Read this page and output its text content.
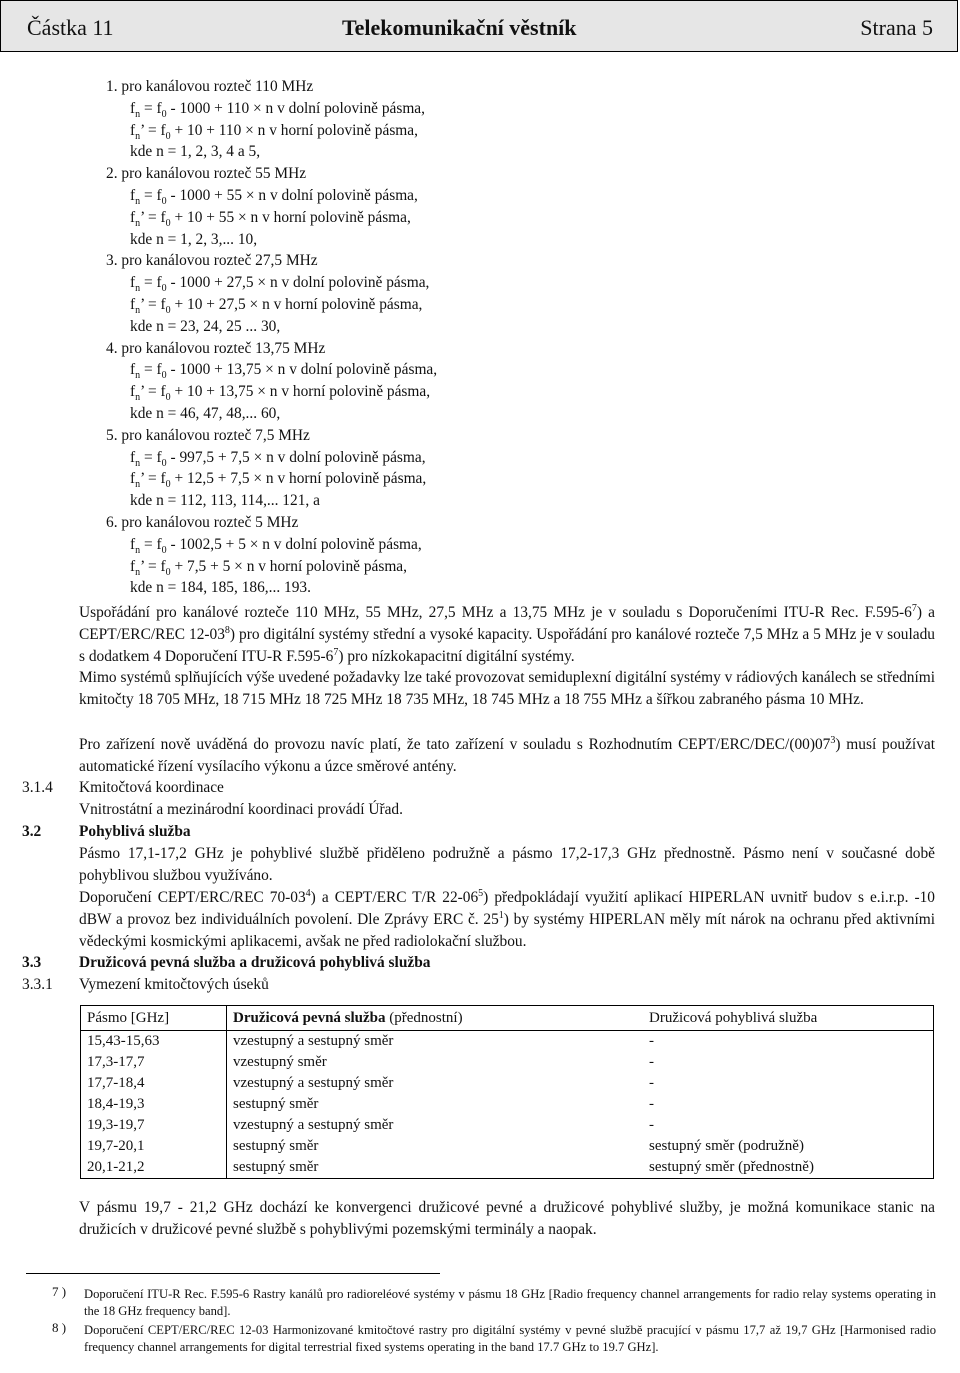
Částka 11	Telekomunikační věstník	Strana 5
1. pro kanálovou rozteč 110 MHz
$f_n = f_0 - 1000 + 110 \times n$ v dolní polovině pásma,
$f_n$’ = $f_0 + 10 + 110 \times n$ v horní polovině pásma,
kde n = 1, 2, 3, 4 a 5,
2. pro kanálovou rozteč 55 MHz
$f_n = f_0 - 1000 + 55 \times n$ v dolní polovině pásma,
$f_n$’ = $f_0 + 10 + 55 \times n$ v horní polovině pásma,
kde n = 1, 2, 3,... 10,
3. pro kanálovou rozteč 27,5 MHz
$f_n = f_0 - 1000 + 27,5 \times n$ v dolní polovině pásma,
$f_n$’ = $f_0 + 10 + 27,5 \times n$ v horní polovině pásma,
kde n = 23, 24, 25 ... 30,
4. pro kanálovou rozteč 13,75 MHz
$f_n = f_0 - 1000 + 13,75 \times n$ v dolní polovině pásma,
$f_n$’ = $f_0 + 10 + 13,75 \times n$ v horní polovině pásma,
kde n = 46, 47, 48,... 60,
5. pro kanálovou rozteč 7,5 MHz
$f_n = f_0 - 997,5 + 7,5 \times n$ v dolní polovině pásma,
$f_n$’ = $f_0 + 12,5 + 7,5 \times n$ v horní polovině pásma,
kde n = 112, 113, 114,... 121, a
6. pro kanálovou rozteč 5 MHz
$f_n = f_0 - 1002,5 + 5 \times n$ v dolní polovině pásma,
$f_n$’ = $f_0 + 7,5 + 5 \times n$ v horní polovině pásma,
kde n = 184, 185, 186,... 193.
Uspořádání pro kanálové rozteče 110 MHz, 55 MHz, 27,5 MHz a 13,75 MHz je v souladu s Doporučeními ITU-R Rec. $F.595-6^7$) a CEPT/ERC/REC $12-03^8$) pro digitální systémy střední a vysoké kapacity. Uspořádání pro kanálové rozteče 7,5 MHz a 5 MHz je v souladu s dodatkem 4 Doporučení ITU-R $F.595-6^7$) pro nízkokapacitní digitální systémy.
Mimo systémů splňujících výše uvedené požadavky lze také provozovat semiduplexní digitální systémy v rádiových kanálech se středními kmitočty 18 705 MHz, 18 715 MHz 18 725 MHz 18 735 MHz, 18 745 MHz a 18 755 MHz a šířkou zabraného pásma 10 MHz.
Pro zařízení nově uváděná do provozu navíc platí, že tato zařízení v souladu s Rozhodnutím CEPT/$ERC/DEC/(00)07^3$) musí používat automatické řízení vysílacího výkonu a úzce směrové antény.
3.1.4 Kmitočtová koordinace
Vnitrostátní a mezinárodní koordinaci provádí Úřad.
3.2 Pohyblivá služba
Pásmo 17,1-17,2 GHz je pohyblivé službě přiděleno podružně a pásmo 17,2-17,3 GHz přednostně. Pásmo není v současné době pohyblivou službou využíváno.
Doporučení CEPT/ERC/REC $70-03^4$) a CEPT/ERC T/R $22-06^5$) předpokládají využití aplikací HIPERLAN uvnitř budov s e.i.r.p. -10 dBW a provoz bez individuálních povolení. Dle Zprávy ERC č. $25^1$) by systémy HIPERLAN měly mít nárok na ochranu před aktivními vědeckými kosmickými aplikacemi, avšak ne před radiolokační službou.
3.3 Družicová pevná služba a družicová pohyblivá služba
3.3.1 Vymezení kmitočtových úseků
Pásmo [GHz]	Družicová pevná služba (přednostní)	Družicová pohyblivá služba
15,43-15,63	vzestupný a sestupný směr	-
17,3-17,7	vzestupný směr	-
17,7-18,4	vzestupný a sestupný směr	-
18,4-19,3	sestupný směr	-
19,3-19,7	vzestupný a sestupný směr	-
19,7-20,1	sestupný směr	sestupný směr (podružně)
20,1-21,2	sestupný směr	sestupný směr (přednostně)
V pásmu 19,7 - 21,2 GHz dochází ke konvergenci družicové pevné a družicové pohyblivé služby, je možná komunikace stanic na družicích v družicové pevné službě s pohyblivými pozemskými terminály a naopak.
7 ) Doporučení ITU-R Rec. F.595-6 Rastry kanálů pro radioreléové systémy v pásmu 18 GHz [Radio frequency channel arrangements for radio relay systems operating in the 18 GHz frequency band].
8 ) Doporučení CEPT/ERC/REC 12-03 Harmonizované kmitočtové rastry pro digitální systémy v pevné službě pracující v pásmu 17,7 až 19,7 GHz [Harmonised radio frequency channel arrangements for digital terrestrial fixed systems operating in the band 17.7 GHz to 19.7 GHz].
